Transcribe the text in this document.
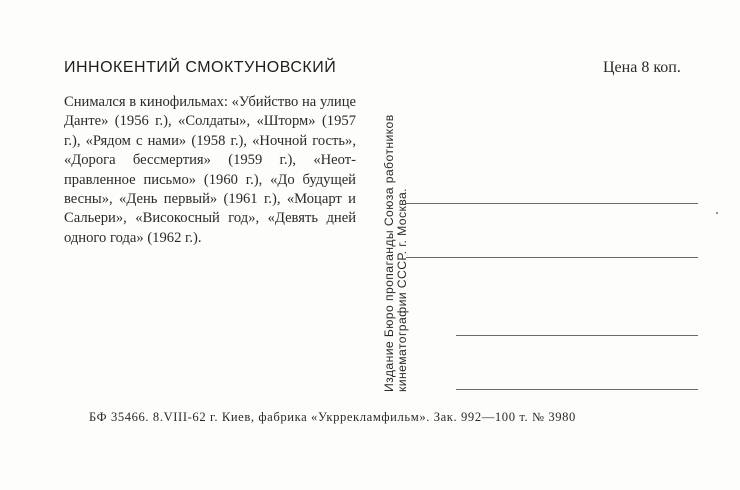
ИННОКЕНТИЙ СМОКТУНОВСКИЙ	Цена 8 коп.
Снимался в кинофильмах: «Убийство на улице Данте» (1956 г.), «Солдаты», «Шторм» (1957 г.), «Рядом с нами» (1958 г.), «Ночной гость», «Дорога бессмертия» (1959 г.), «Неотправленное письмо» (1960 г.), «До будущей весны», «День первый» (1961 г.), «Моцарт и Сальери», «Високосный год», «Девять дней одного года» (1962 г.).	Издание Бюро пропаганды Союза работников кинематографии СССР. г. Москва.
БФ 35466. 8.VIII-62 г. Киев, фабрика «Укррекламфильм». Зак. 992—100 т. № 3980
